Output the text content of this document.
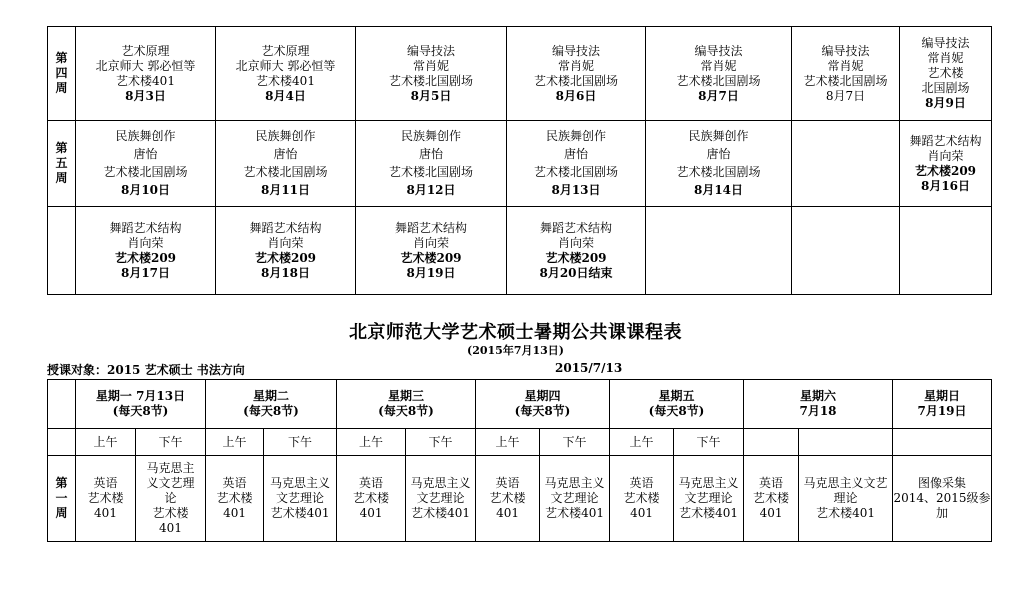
第
四
周	艺术原理
北京师大 郭必恒等
艺术楼401
8月3日	艺术原理
北京师大 郭必恒等
艺术楼401
8月4日	编导技法
常肖妮
艺术楼北国剧场
8月5日	编导技法
常肖妮
艺术楼北国剧场
8月6日	编导技法
常肖妮
艺术楼北国剧场
8月7日	编导技法
常肖妮
艺术楼北国剧场
8月7日	编导技法
常肖妮
艺术楼
北国剧场
8月9日

第
五
周	民族舞创作
唐怡
艺术楼北国剧场
8月10日	民族舞创作
唐怡
艺术楼北国剧场
8月11日	民族舞创作
唐怡
艺术楼北国剧场
8月12日	民族舞创作
唐怡
艺术楼北国剧场
8月13日	民族舞创作
唐怡
艺术楼北国剧场
8月14日		舞蹈艺术结构
肖向荣
艺术楼209
8月16日

	舞蹈艺术结构
肖向荣
艺术楼209
8月17日	舞蹈艺术结构
肖向荣
艺术楼209
8月18日	舞蹈艺术结构
肖向荣
艺术楼209
8月19日	舞蹈艺术结构
肖向荣
艺术楼209
8月20日结束			

北京师范大学艺术硕士暑期公共课课程表
(2015年7月13日)
授课对象：2015 艺术硕士 书法方向	2015/7/13

	星期一 7月13日
(每天8节)		星期二
(每天8节)		星期三
(每天8节)		星期四
(每天8节)		星期五
(每天8节)		星期六
7月18		星期日
7月19日

	上午	下午	上午	下午	上午	下午	上午	下午	上午	下午			

第
一
周	英语
艺术楼
401	马克思主
义文艺理
论
艺术楼
401	英语
艺术楼
401	马克思主义
文艺理论
艺术楼401	英语
艺术楼
401	马克思主义
文艺理论
艺术楼401	英语
艺术楼
401	马克思主义
文艺理论
艺术楼401	英语
艺术楼
401	马克思主义
文艺理论
艺术楼401	英语
艺术楼
401	马克思主义文艺
理论
艺术楼401	图像采集
2014、2015级参
加
